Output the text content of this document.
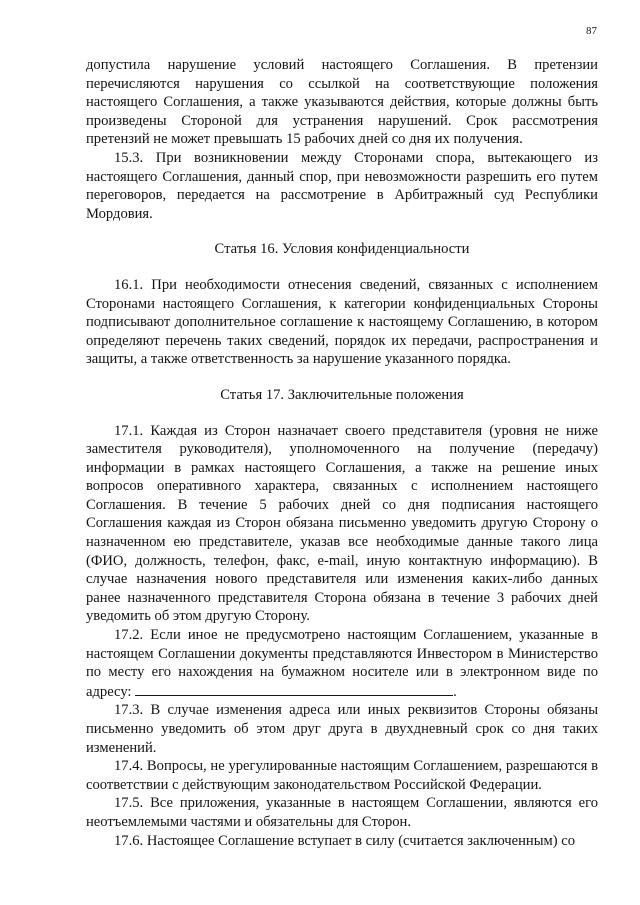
87

допустила нарушение условий настоящего Соглашения. В претензии перечисляются нарушения со ссылкой на соответствующие положения настоящего Соглашения, а также указываются действия, которые должны быть произведены Стороной для устранения нарушений. Срок рассмотрения претензий не может превышать 15 рабочих дней со дня их получения.

15.3. При возникновении между Сторонами спора, вытекающего из настоящего Соглашения, данный спор, при невозможности разрешить его путем переговоров, передается на рассмотрение в Арбитражный суд Республики Мордовия.

Статья 16. Условия конфиденциальности

16.1. При необходимости отнесения сведений, связанных с исполнением Сторонами настоящего Соглашения, к категории конфиденциальных Стороны подписывают дополнительное соглашение к настоящему Соглашению, в котором определяют перечень таких сведений, порядок их передачи, распространения и защиты, а также ответственность за нарушение указанного порядка.

Статья 17. Заключительные положения

17.1. Каждая из Сторон назначает своего представителя (уровня не ниже заместителя руководителя), уполномоченного на получение (передачу) информации в рамках настоящего Соглашения, а также на решение иных вопросов оперативного характера, связанных с исполнением настоящего Соглашения. В течение 5 рабочих дней со дня подписания настоящего Соглашения каждая из Сторон обязана письменно уведомить другую Сторону о назначенном ею представителе, указав все необходимые данные такого лица (ФИО, должность, телефон, факс, e-mail, иную контактную информацию). В случае назначения нового представителя или изменения каких-либо данных ранее назначенного представителя Сторона обязана в течение 3 рабочих дней уведомить об этом другую Сторону.

17.2. Если иное не предусмотрено настоящим Соглашением, указанные в настоящем Соглашении документы представляются Инвестором в Министерство по месту его нахождения на бумажном носителе или в электронном виде по адресу:	.

17.3. В случае изменения адреса или иных реквизитов Стороны обязаны письменно уведомить об этом друг друга в двухдневный срок со дня таких изменений.

17.4. Вопросы, не урегулированные настоящим Соглашением, разрешаются в соответствии с действующим законодательством Российской Федерации.

17.5. Все приложения, указанные в настоящем Соглашении, являются его неотъемлемыми частями и обязательны для Сторон.

17.6. Настоящее Соглашение вступает в силу (считается заключенным) со
